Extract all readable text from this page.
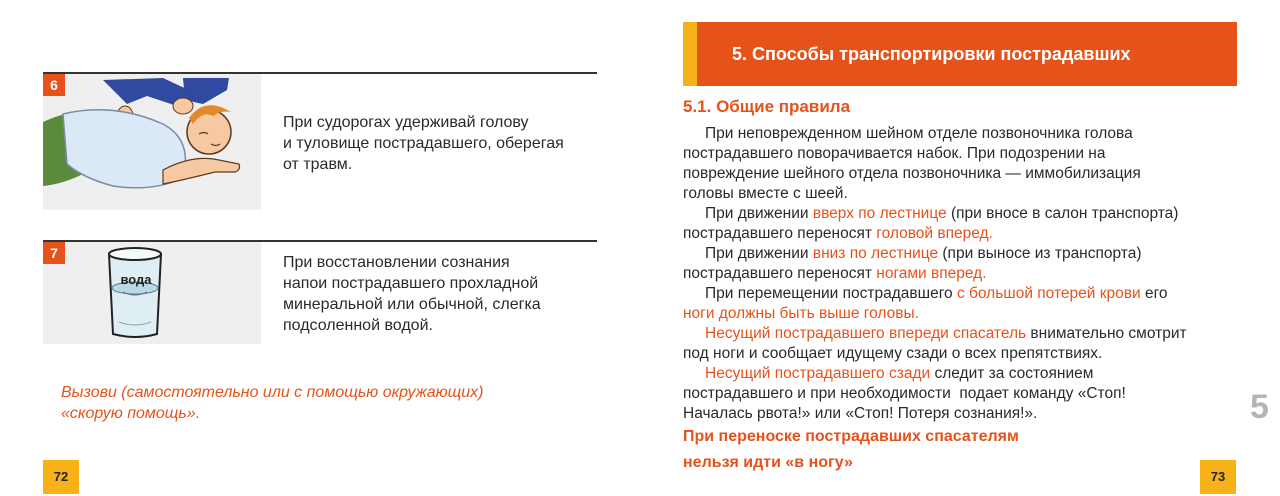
6
При судорогах удерживай голову
и туловище пострадавшего, оберегая
от травм.
вода
7
При восстановлении сознания
напои пострадавшего прохладной
минеральной или обычной, слегка
подсоленной водой.
Вызови (самостоятельно или с помощью окружающих)
«скорую помощь».
72
5. Способы транспортировки пострадавших
5.1. Общие правила
При неповрежденном шейном отделе позвоночника голова
пострадавшего поворачивается набок. При подозрении на
повреждение шейного отдела позвоночника — иммобилизация
головы вместе с шеей.
При движении вверх по лестнице (при вносе в салон транспорта)
пострадавшего переносят головой вперед.
При движении вниз по лестнице (при выносе из транспорта)
пострадавшего переносят ногами вперед.
При перемещении пострадавшего с большой потерей крови его
ноги должны быть выше головы.
Несущий пострадавшего впереди спасатель внимательно смотрит
под ноги и сообщает идущему сзади о всех препятствиях.
Несущий пострадавшего сзади следит за состоянием
пострадавшего и при необходимости  подает команду «Стоп!
Началась рвота!» или «Стоп! Потеря сознания!».
При переноске пострадавших спасателям
нельзя идти «в ногу»
73
5
